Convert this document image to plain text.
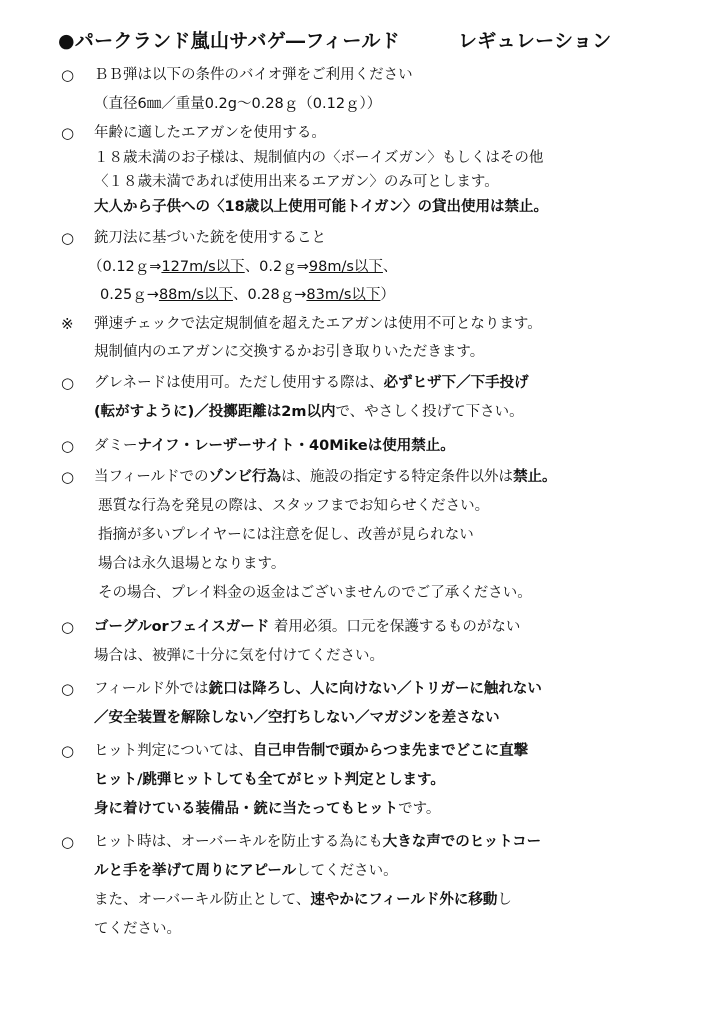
●パークランド嵐山サバゲ―フィールド	レギュレーション
○ ＢＢ弾は以下の条件のバイオ弾をご利用ください
（直径6㎜／重量0.2g～0.28ｇ（0.12ｇ））
○ 年齢に適したエアガンを使用する。
１８歳未満のお子様は、規制値内の〈ボーイズガン〉もしくはその他
〈１８歳未満であれば使用出来るエアガン〉のみ可とします。
大人から子供への〈18歳以上使用可能トイガン〉の貸出使用は禁止。
○ 銃刀法に基づいた銃を使用すること
（0.12ｇ⇒127m/s以下、0.2ｇ⇒98m/s以下、
0.25ｇ→88m/s以下、0.28ｇ→83m/s以下）
※ 弾速チェックで法定規制値を超えたエアガンは使用不可となります。
規制値内のエアガンに交換するかお引き取りいただきます。
○ グレネードは使用可。ただし使用する際は、必ずヒザ下／下手投げ
(転がすように)／投擲距離は2m以内で、やさしく投げて下さい。
○ ダミーナイフ・レーザーサイト・40Mikeは使用禁止。
○ 当フィールドでのゾンビ行為は、施設の指定する特定条件以外は禁止。
悪質な行為を発見の際は、スタッフまでお知らせください。
指摘が多いプレイヤーには注意を促し、改善が見られない
場合は永久退場となります。
その場合、プレイ料金の返金はございませんのでご了承ください。
○ ゴーグルorフェイスガード 着用必須。口元を保護するものがない
場合は、被弾に十分に気を付けてください。
○ フィールド外では銃口は降ろし、人に向けない／トリガーに触れない
／安全装置を解除しない／空打ちしない／マガジンを差さない
○ ヒット判定については、自己申告制で頭からつま先までどこに直撃
ヒット/跳弾ヒットしても全てがヒット判定とします。
身に着けている装備品・銃に当たってもヒットです。
○ ヒット時は、オーバーキルを防止する為にも大きな声でのヒットコー
ルと手を挙げて周りにアピールしてください。
また、オーバーキル防止として、速やかにフィールド外に移動し
てください。
